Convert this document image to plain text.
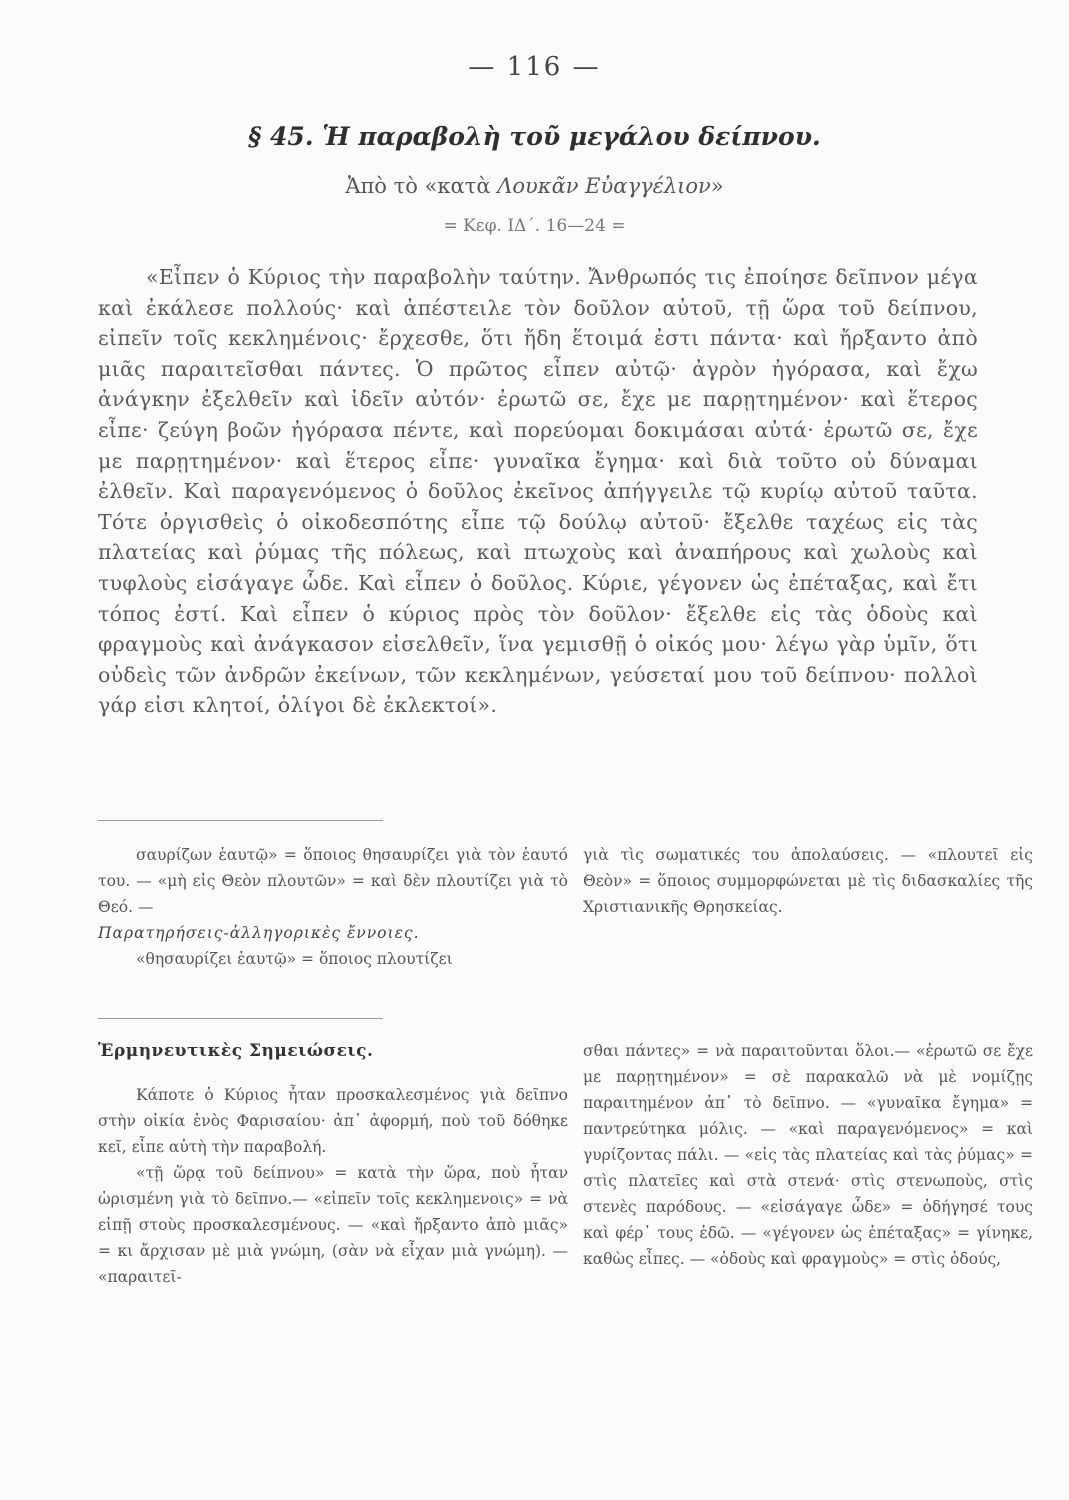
— 116 —
§ 45. Ἡ παραβολὴ τοῦ μεγάλου δείπνου.
Ἀπὸ τὸ «κατὰ Λουκᾶν Εὐαγγέλιον»
= Κεφ. ΙΔ΄. 16—24 =

«Εἶπεν ὁ Κύριος τὴν παραβολὴν ταύτην. Ἄνθρωπός τις ἐποίησε δεῖπνον μέγα καὶ ἐκάλεσε πολλούς· καὶ ἀπέστειλε τὸν δοῦλον αὐτοῦ, τῇ ὥρα τοῦ δείπνου, εἰπεῖν τοῖς κεκλημένοις· ἔρχεσθε, ὅτι ἤδη ἕτοιμά ἐστι πάντα· καὶ ἤρξαντο ἀπὸ μιᾶς παραιτεῖσθαι πάντες. Ὁ πρῶτος εἶπεν αὐτῷ· ἀγρὸν ἠγόρασα, καὶ ἔχω ἀνάγκην ἐξελθεῖν καὶ ἰδεῖν αὐτόν· ἐρωτῶ σε, ἔχε με παρῃτημένον· καὶ ἕτερος εἶπε· ζεύγη βοῶν ἠγόρασα πέντε, καὶ πορεύομαι δοκιμάσαι αὐτά· ἐρωτῶ σε, ἔχε με παρῃτημένον· καὶ ἕτερος εἶπε· γυναῖκα ἔγημα· καὶ διὰ τοῦτο οὐ δύναμαι ἐλθεῖν. Καὶ παραγενόμενος ὁ δοῦλος ἐκεῖνος ἀπήγγειλε τῷ κυρίῳ αὐτοῦ ταῦτα. Τότε ὀργισθεὶς ὁ οἰκοδεσπότης εἶπε τῷ δούλῳ αὐτοῦ· ἔξελθε ταχέως εἰς τὰς πλατείας καὶ ῥύμας τῆς πόλεως, καὶ πτωχοὺς καὶ ἀναπήρους καὶ χωλοὺς καὶ τυφλοὺς εἰσάγαγε ὧδε. Καὶ εἶπεν ὁ δοῦλος. Κύριε, γέγονεν ὡς ἐπέταξας, καὶ ἔτι τόπος ἐστί. Καὶ εἶπεν ὁ κύριος πρὸς τὸν δοῦλον· ἔξελθε εἰς τὰς ὁδοὺς καὶ φραγμοὺς καὶ ἀνάγκασον εἰσελθεῖν, ἵνα γεμισθῇ ὁ οἰκός μου· λέγω γὰρ ὑμῖν, ὅτι οὐδεὶς τῶν ἀνδρῶν ἐκείνων, τῶν κεκλημένων, γεύσεταί μου τοῦ δείπνου· πολλοὶ γάρ εἰσι κλητοί, ὀλίγοι δὲ ἐκλεκτοί».

σαυρίζων ἑαυτῷ» = ὅποιος θησαυρίζει γιὰ τὸν ἑαυτό του. — «μὴ εἰς Θεὸν πλουτῶν» = καὶ δὲν πλουτίζει γιὰ τὸ Θεό. —

Παρατηρήσεις-ἀλληγορικὲς ἔννοιες.

«θησαυρίζει ἑαυτῷ» = ὅποιος πλουτίζει

γιὰ τὶς σωματικές του ἀπολαύσεις. — «πλουτεῖ εἰς Θεὸν» = ὅποιος συμμορφώνεται μὲ τὶς διδασκαλίες τῆς Χριστιανικῆς Θρησκείας.

Ἑρμηνευτικὲς Σημειώσεις.

Κάποτε ὁ Κύριος ἦταν προσκαλεσμένος γιὰ δεῖπνο στὴν οἰκία ἑνὸς Φαρισαίου· ἀπ᾿ ἀφορμή, ποὺ τοῦ δόθηκε κεῖ, εἶπε αὐτὴ τὴν παραβολή.

«τῇ ὥρᾳ τοῦ δείπνου» = κατὰ τὴν ὥρα, ποὺ ἦταν ὡρισμένη γιὰ τὸ δεῖπνο.— «εἰπεῖν τοῖς κεκλημενοις» = νὰ εἰπῇ στοὺς προσκαλεσμένους. — «καὶ ἤρξαντο ἀπὸ μιᾶς» = κι ἄρχισαν μὲ μιὰ γνώμη, (σὰν νὰ εἶχαν μιὰ γνώμη). — «παραιτεῖ-

σθαι πάντες» = νὰ παραιτοῦνται ὅλοι.— «ἐρωτῶ σε ἔχε με παρῃτημένον» = σὲ παρακαλῶ νὰ μὲ νομίζῃς παραιτημένον ἀπ᾿ τὸ δεῖπνο. — «γυναῖκα ἔγημα» = παντρεύτηκα μόλις. — «καὶ παραγενόμενος» = καὶ γυρίζοντας πάλι. — «εἰς τὰς πλατείας καὶ τὰς ῥύμας» = στὶς πλατεῖες καὶ στὰ στενά· στὶς στενωποὺς, στὶς στενὲς παρόδους. — «εἰσάγαγε ὧδε» = ὁδήγησέ τους καὶ φέρ᾿ τους ἐδῶ. — «γέγονεν ὡς ἐπέταξας» = γίνηκε, καθὼς εἶπες. — «ὁδοὺς καὶ φραγμοὺς» = στὶς ὁδούς,
